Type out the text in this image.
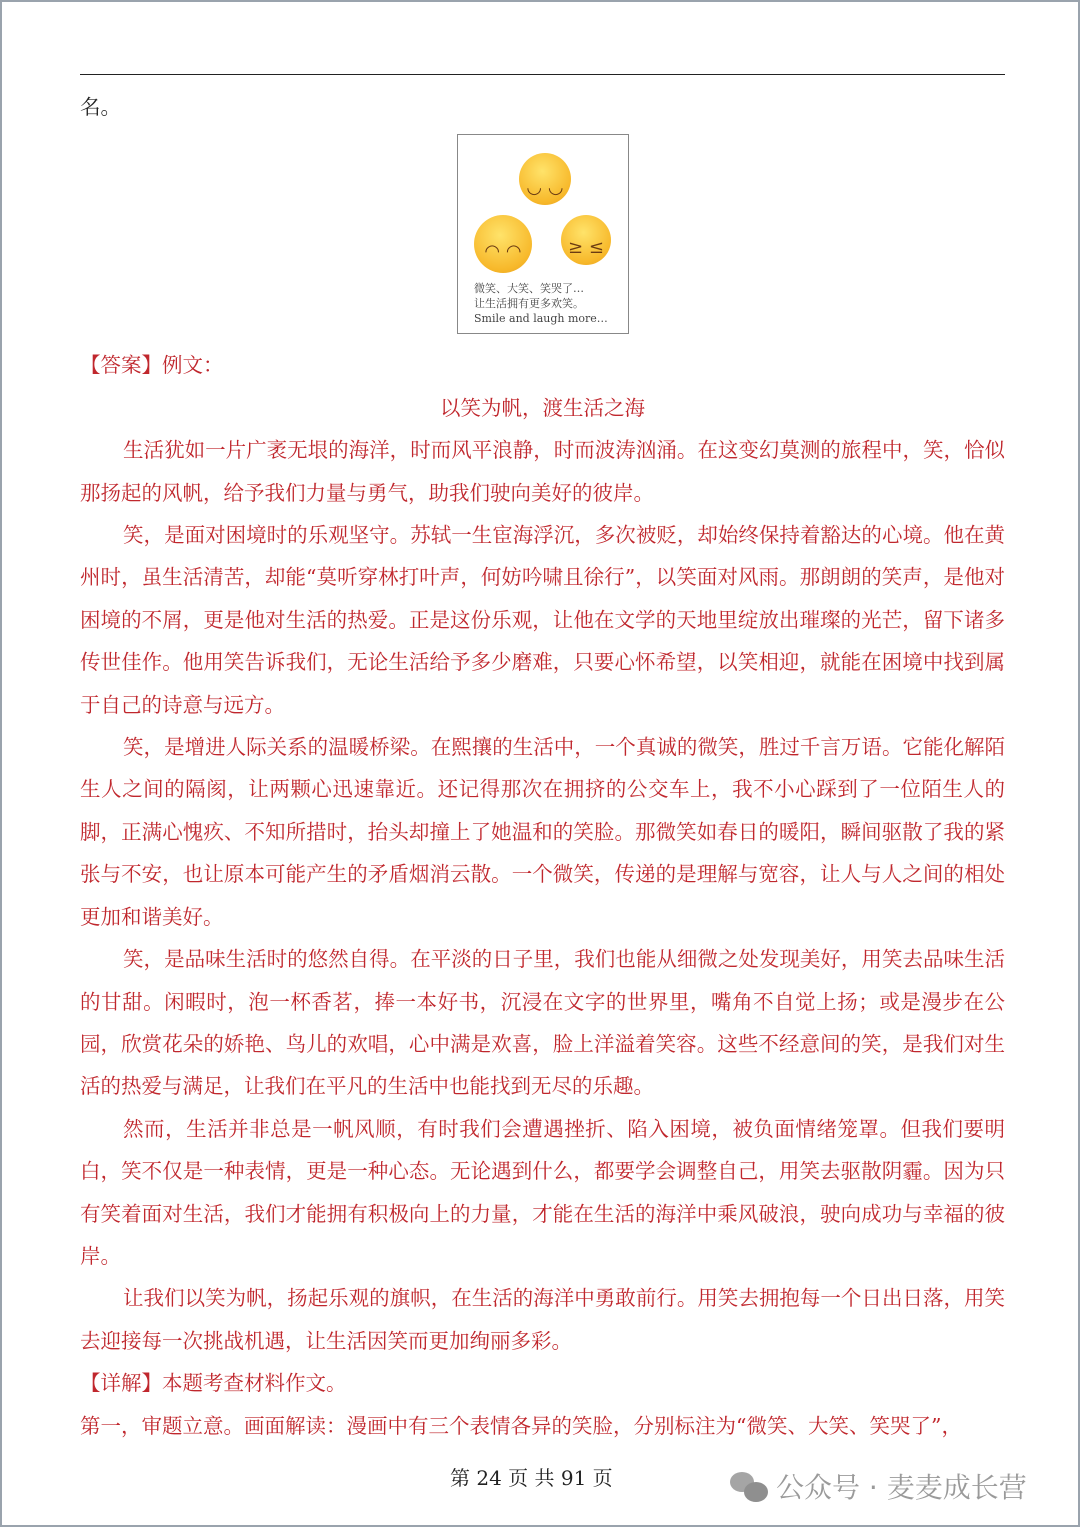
名。

◡ ◡

◠ ◠	≥ ≤
微笑、大笑、笑哭了…
让生活拥有更多欢笑。
Smile and laugh more…

【答案】例文：

以笑为帆，渡生活之海

生活犹如一片广袤无垠的海洋，时而风平浪静，时而波涛汹涌。在这变幻莫测的旅程中，笑，恰似那扬起的风帆，给予我们力量与勇气，助我们驶向美好的彼岸。

笑，是面对困境时的乐观坚守。苏轼一生宦海浮沉，多次被贬，却始终保持着豁达的心境。他在黄州时，虽生活清苦，却能“莫听穿林打叶声，何妨吟啸且徐行”，以笑面对风雨。那朗朗的笑声，是他对困境的不屑，更是他对生活的热爱。正是这份乐观，让他在文学的天地里绽放出璀璨的光芒，留下诸多传世佳作。他用笑告诉我们，无论生活给予多少磨难，只要心怀希望，以笑相迎，就能在困境中找到属于自己的诗意与远方。

笑，是增进人际关系的温暖桥梁。在熙攘的生活中，一个真诚的微笑，胜过千言万语。它能化解陌生人之间的隔阂，让两颗心迅速靠近。还记得那次在拥挤的公交车上，我不小心踩到了一位陌生人的脚，正满心愧疚、不知所措时，抬头却撞上了她温和的笑脸。那微笑如春日的暖阳，瞬间驱散了我的紧张与不安，也让原本可能产生的矛盾烟消云散。一个微笑，传递的是理解与宽容，让人与人之间的相处更加和谐美好。

笑，是品味生活时的悠然自得。在平淡的日子里，我们也能从细微之处发现美好，用笑去品味生活的甘甜。闲暇时，泡一杯香茗，捧一本好书，沉浸在文字的世界里，嘴角不自觉上扬；或是漫步在公园，欣赏花朵的娇艳、鸟儿的欢唱，心中满是欢喜，脸上洋溢着笑容。这些不经意间的笑，是我们对生活的热爱与满足，让我们在平凡的生活中也能找到无尽的乐趣。

然而，生活并非总是一帆风顺，有时我们会遭遇挫折、陷入困境，被负面情绪笼罩。但我们要明白，笑不仅是一种表情，更是一种心态。无论遇到什么，都要学会调整自己，用笑去驱散阴霾。因为只有笑着面对生活，我们才能拥有积极向上的力量，才能在生活的海洋中乘风破浪，驶向成功与幸福的彼岸。

让我们以笑为帆，扬起乐观的旗帜，在生活的海洋中勇敢前行。用笑去拥抱每一个日出日落，用笑去迎接每一次挑战机遇，让生活因笑而更加绚丽多彩。

【详解】本题考查材料作文。

第一，审题立意。画面解读：漫画中有三个表情各异的笑脸，分别标注为“微笑、大笑、笑哭了”，

第 24 页 共 91 页	公众号 · 麦麦成长营
